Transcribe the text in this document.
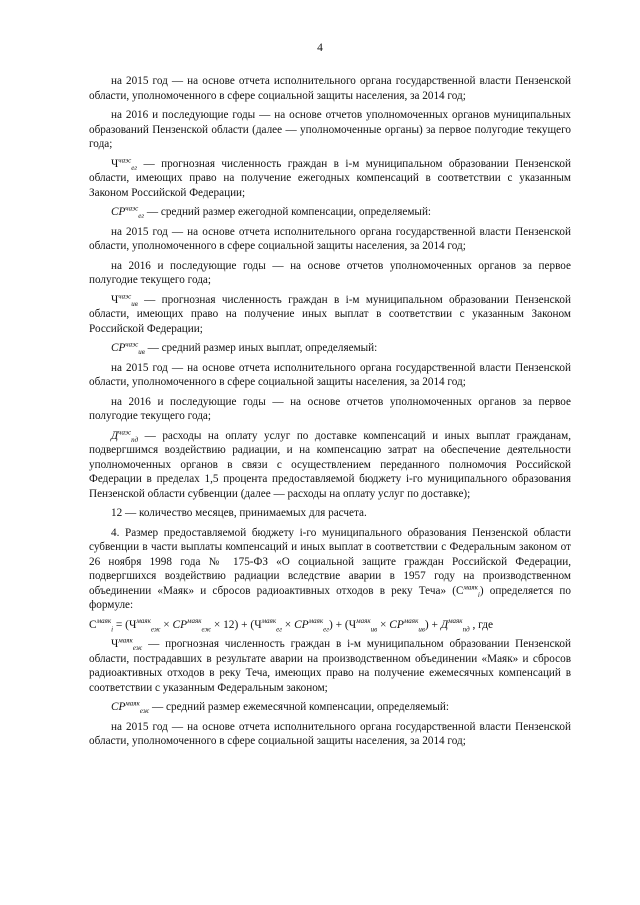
4

на 2015 год — на основе отчета исполнительного органа государственной власти Пензенской области, уполномоченного в сфере социальной защиты населения, за 2014 год;

на 2016 и последующие годы — на основе отчетов уполномоченных органов муниципальных образований Пензенской области (далее — уполномоченные органы) за первое полугодие текущего года;

$Ч^{чаэс}_{ег}$ — прогнозная численность граждан в i-м муниципальном образовании Пензенской области, имеющих право на получение ежегодных компенсаций в соответствии с указанным Законом Российской Федерации;

$СР^{чаэс}_{ег}$ — средний размер ежегодной компенсации, определяемый:

на 2015 год — на основе отчета исполнительного органа государственной власти Пензенской области, уполномоченного в сфере социальной защиты населения, за 2014 год;

на 2016 и последующие годы — на основе отчетов уполномоченных органов за первое полугодие текущего года;

$Ч^{чаэс}_{ив}$ — прогнозная численность граждан в i-м муниципальном образовании Пензенской области, имеющих право на получение иных выплат в соответствии с указанным Законом Российской Федерации;

$СР^{чаэс}_{ив}$ — средний размер иных выплат, определяемый:

на 2015 год — на основе отчета исполнительного органа государственной власти Пензенской области, уполномоченного в сфере социальной защиты населения, за 2014 год;

на 2016 и последующие годы — на основе отчетов уполномоченных органов за первое полугодие текущего года;

$Д^{чаэс}_{пд}$ — расходы на оплату услуг по доставке компенсаций и иных выплат гражданам, подвергшимся воздействию радиации, и на компенсацию затрат на обеспечение деятельности уполномоченных органов в связи с осуществлением переданного полномочия Российской Федерации в пределах 1,5 процента предоставляемой бюджету i-го муниципального образования Пензенской области субвенции (далее — расходы на оплату услуг по доставке);

12 — количество месяцев, принимаемых для расчета.

4. Размер предоставляемой бюджету i-го муниципального образования Пензенской области субвенции в части выплаты компенсаций и иных выплат в соответствии с Федеральным законом от 26 ноября 1998 года № 175-ФЗ «О социальной защите граждан Российской Федерации, подвергшихся воздействию радиации вследствие аварии в 1957 году на производственном объединении «Маяк» и сбросов радиоактивных отходов в реку Теча» $(С^{маяк}_i)$ определяется по формуле:

$С^{маяк}_i = (Ч^{маяк}_{еж} \times СР^{маяк}_{еж} \times 12) + (Ч^{маяк}_{ег} \times СР^{маяк}_{ег}) + (Ч^{маяк}_{ив} \times СР^{маяк}_{ив}) + Д^{маяк}_{пд}$ , где

$Ч^{маяк}_{еж}$ — прогнозная численность граждан в i-м муниципальном образовании Пензенской области, пострадавших в результате аварии на производственном объединении «Маяк» и сбросов радиоактивных отходов в реку Теча, имеющих право на получение ежемесячных компенсаций в соответствии с указанным Федеральным законом;

$СР^{маяк}_{еж}$ — средний размер ежемесячной компенсации, определяемый:

на 2015 год — на основе отчета исполнительного органа государственной власти Пензенской области, уполномоченного в сфере социальной защиты населения, за 2014 год;
